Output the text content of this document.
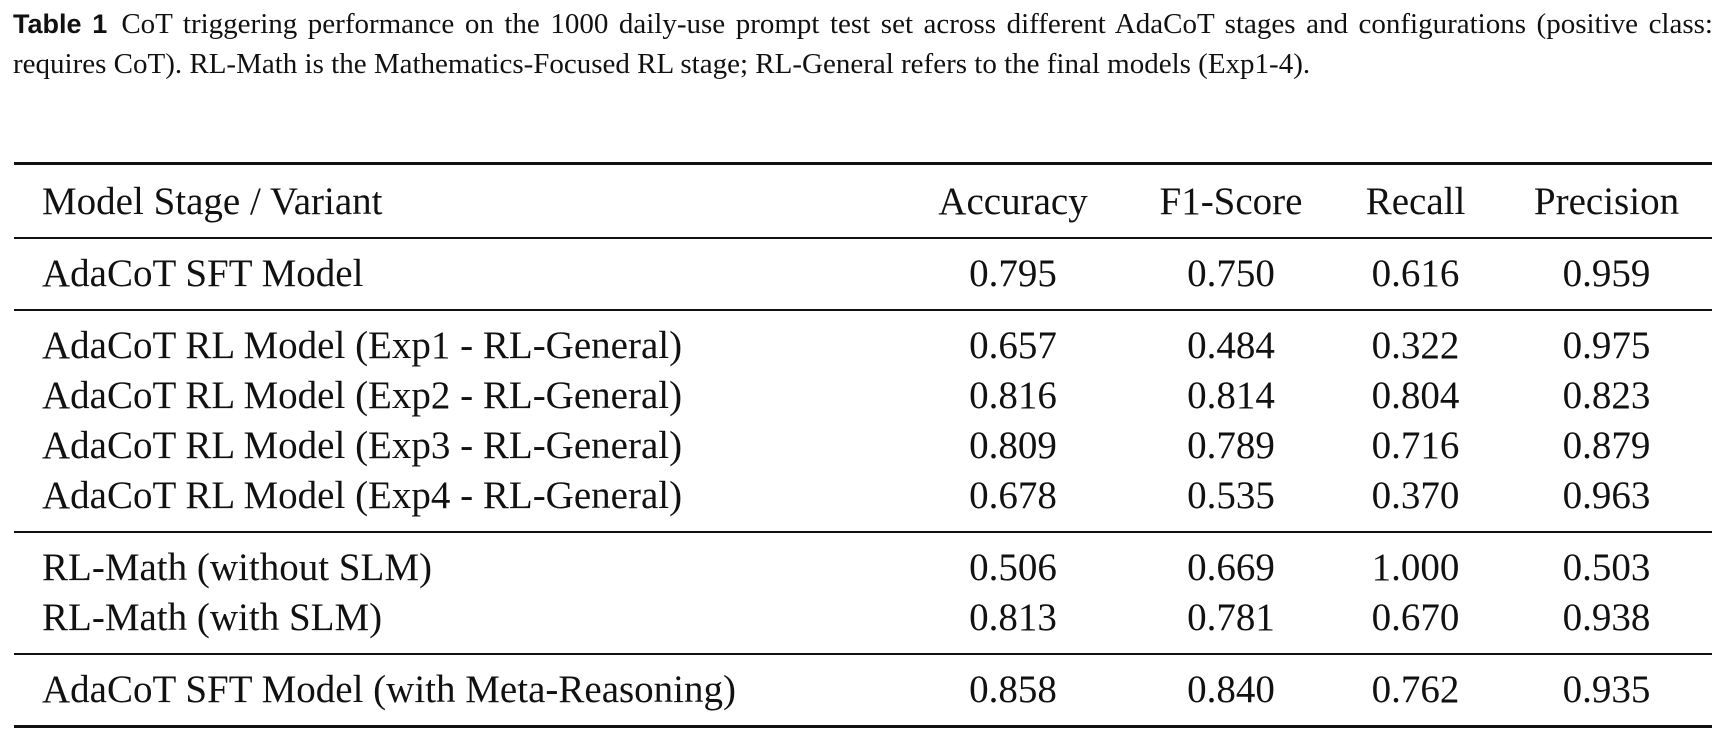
Table 1 CoT triggering performance on the 1000 daily-use prompt test set across different AdaCoT stages and configurations (positive class: requires CoT). RL-Math is the Mathematics-Focused RL stage; RL-General refers to the final models (Exp1-4).
Model Stage / Variant	Accuracy	F1-Score	Recall	Precision
AdaCoT SFT Model	0.795	0.750	0.616	0.959
AdaCoT RL Model (Exp1 - RL-General)	0.657	0.484	0.322	0.975
AdaCoT RL Model (Exp2 - RL-General)	0.816	0.814	0.804	0.823
AdaCoT RL Model (Exp3 - RL-General)	0.809	0.789	0.716	0.879
AdaCoT RL Model (Exp4 - RL-General)	0.678	0.535	0.370	0.963
RL-Math (without SLM)	0.506	0.669	1.000	0.503
RL-Math (with SLM)	0.813	0.781	0.670	0.938
AdaCoT SFT Model (with Meta-Reasoning)	0.858	0.840	0.762	0.935
